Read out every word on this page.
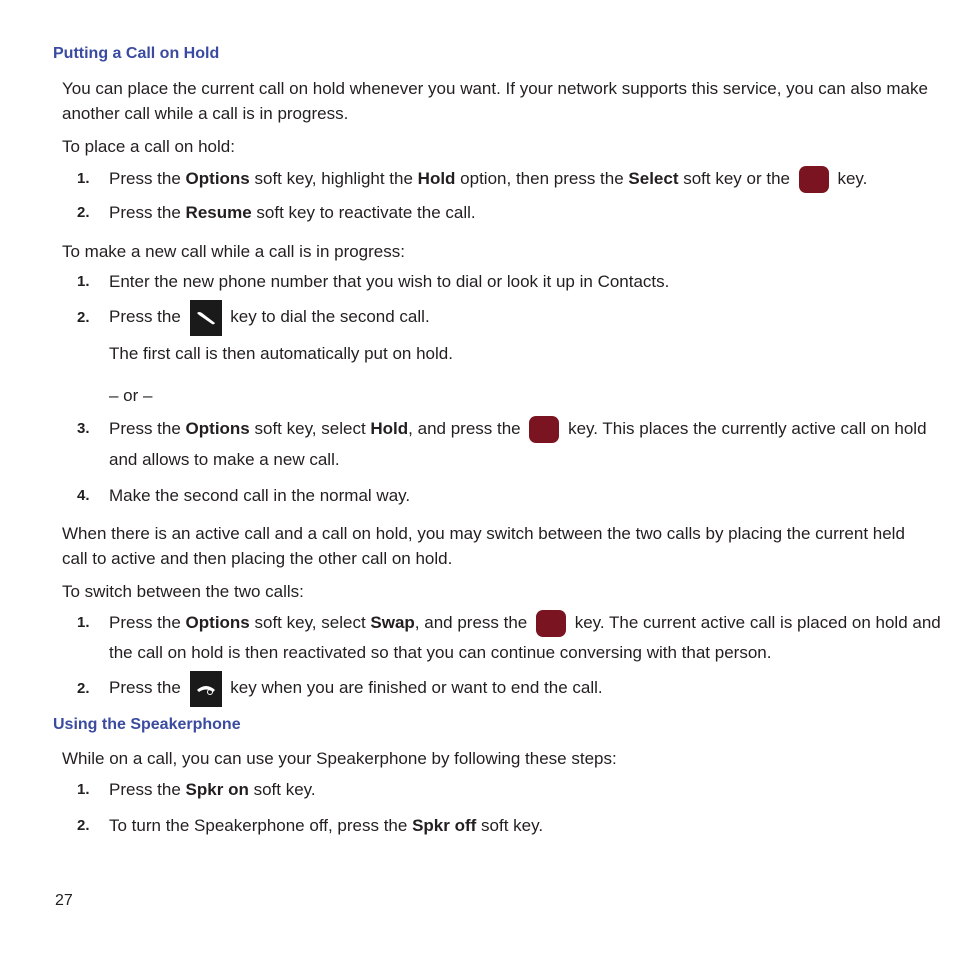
Putting a Call on Hold
You can place the current call on hold whenever you want. If your network supports this service, you can also make
another call while a call is in progress.
To place a call on hold:
1. Press the Options soft key, highlight the Hold option, then press the Select soft key or the  key.
2. Press the Resume soft key to reactivate the call.
To make a new call while a call is in progress:
1. Enter the new phone number that you wish to dial or look it up in Contacts.
2. Press the
key to dial the second call.
The first call is then automatically put on hold.
– or –
3. Press the Options soft key, select Hold, and press the  key. This places the currently active call on hold
and allows to make a new call.
4. Make the second call in the normal way.
When there is an active call and a call on hold, you may switch between the two calls by placing the current held
call to active and then placing the other call on hold.
To switch between the two calls:
1. Press the Options soft key, select Swap, and press the  key. The current active call is placed on hold and
the call on hold is then reactivated so that you can continue conversing with that person.
2. Press the
key when you are finished or want to end the call.
Using the Speakerphone
While on a call, you can use your Speakerphone by following these steps:
1. Press the Spkr on soft key.
2. To turn the Speakerphone off, press the Spkr off soft key.
27
